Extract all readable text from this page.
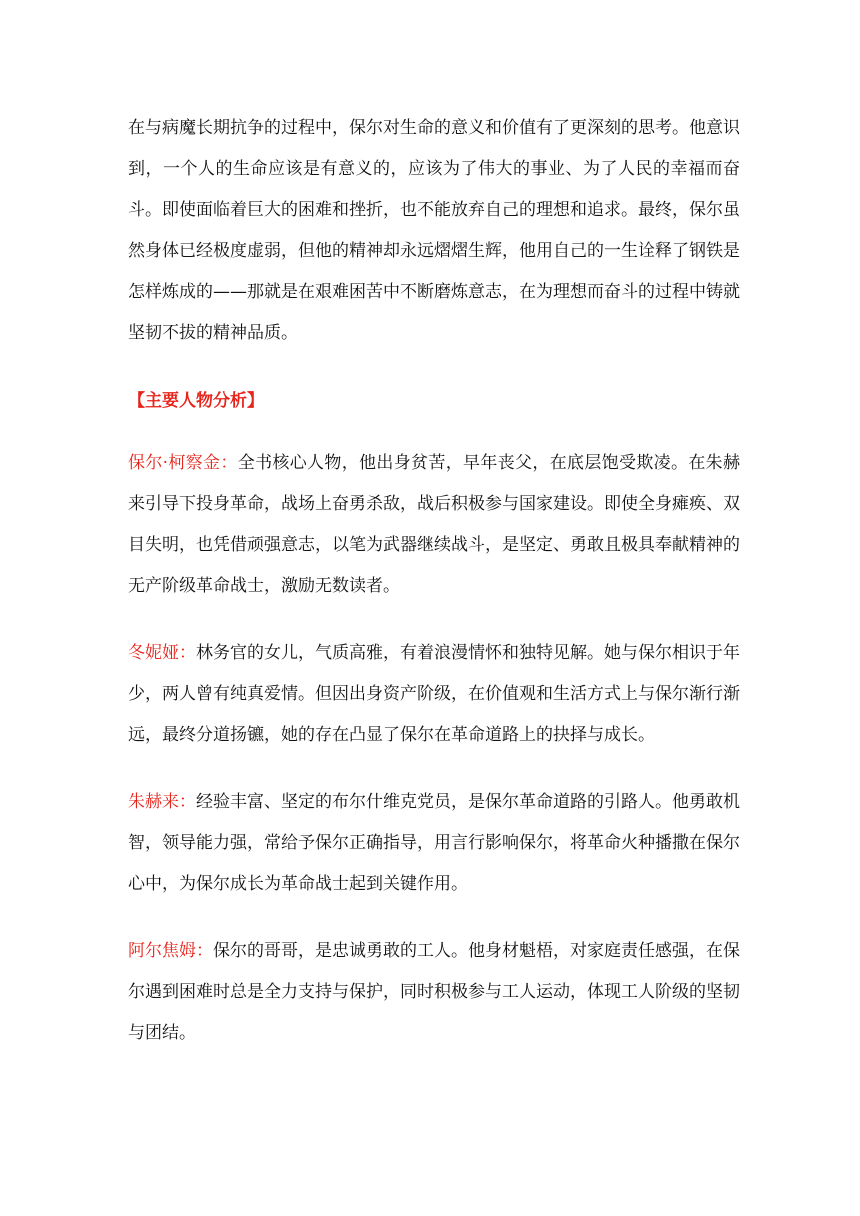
在与病魔长期抗争的过程中，保尔对生命的意义和价值有了更深刻的思考。他意识到，一个人的生命应该是有意义的，应该为了伟大的事业、为了人民的幸福而奋斗。即使面临着巨大的困难和挫折，也不能放弃自己的理想和追求。最终，保尔虽然身体已经极度虚弱，但他的精神却永远熠熠生辉，他用自己的一生诠释了钢铁是怎样炼成的——那就是在艰难困苦中不断磨炼意志，在为理想而奋斗的过程中铸就坚韧不拔的精神品质。

【主要人物分析】

保尔·柯察金：全书核心人物，他出身贫苦，早年丧父，在底层饱受欺凌。在朱赫来引导下投身革命，战场上奋勇杀敌，战后积极参与国家建设。即使全身瘫痪、双目失明，也凭借顽强意志，以笔为武器继续战斗，是坚定、勇敢且极具奉献精神的无产阶级革命战士，激励无数读者。

冬妮娅：林务官的女儿，气质高雅，有着浪漫情怀和独特见解。她与保尔相识于年少，两人曾有纯真爱情。但因出身资产阶级，在价值观和生活方式上与保尔渐行渐远，最终分道扬镳，她的存在凸显了保尔在革命道路上的抉择与成长。

朱赫来：经验丰富、坚定的布尔什维克党员，是保尔革命道路的引路人。他勇敢机智，领导能力强，常给予保尔正确指导，用言行影响保尔，将革命火种播撒在保尔心中，为保尔成长为革命战士起到关键作用。

阿尔焦姆：保尔的哥哥，是忠诚勇敢的工人。他身材魁梧，对家庭责任感强，在保尔遇到困难时总是全力支持与保护，同时积极参与工人运动，体现工人阶级的坚韧与团结。
